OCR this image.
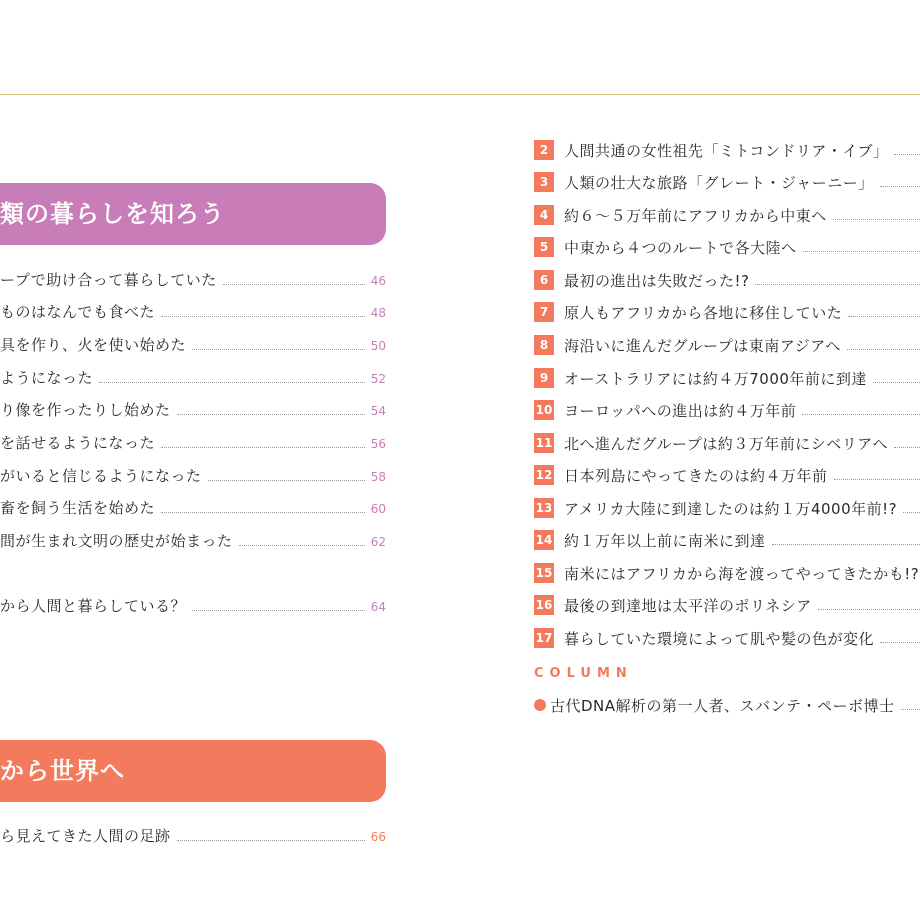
類の暮らしを知ろう
ープで助け合って暮らしていた	46
ものはなんでも食べた	48
具を作り、火を使い始めた	50
ようになった	52
り像を作ったりし始めた	54
を話せるようになった	56
がいると信じるようになった	58
畜を飼う生活を始めた	60
間が生まれ文明の歴史が始まった	62
から人間と暮らしている？	64
から世界へ
ら見えてきた人間の足跡	66
2	人間共通の女性祖先「ミトコンドリア・イブ」
3	人類の壮大な旅路「グレート・ジャーニー」
4	約６〜５万年前にアフリカから中東へ
5	中東から４つのルートで各大陸へ
6	最初の進出は失敗だった!?
7	原人もアフリカから各地に移住していた
8	海沿いに進んだグループは東南アジアへ
9	オーストラリアには約４万7000年前に到達
10 ヨーロッパへの進出は約４万年前
11 北へ進んだグループは約３万年前にシベリアへ
12 日本列島にやってきたのは約４万年前
13 アメリカ大陸に到達したのは約１万4000年前!?
14 約１万年以上前に南米に到達
15 南米にはアフリカから海を渡ってやってきたかも!?
16 最後の到達地は太平洋のポリネシア
17 暮らしていた環境によって肌や髪の色が変化
COLUMN
古代DNA解析の第一人者、スバンテ・ペーボ博士
